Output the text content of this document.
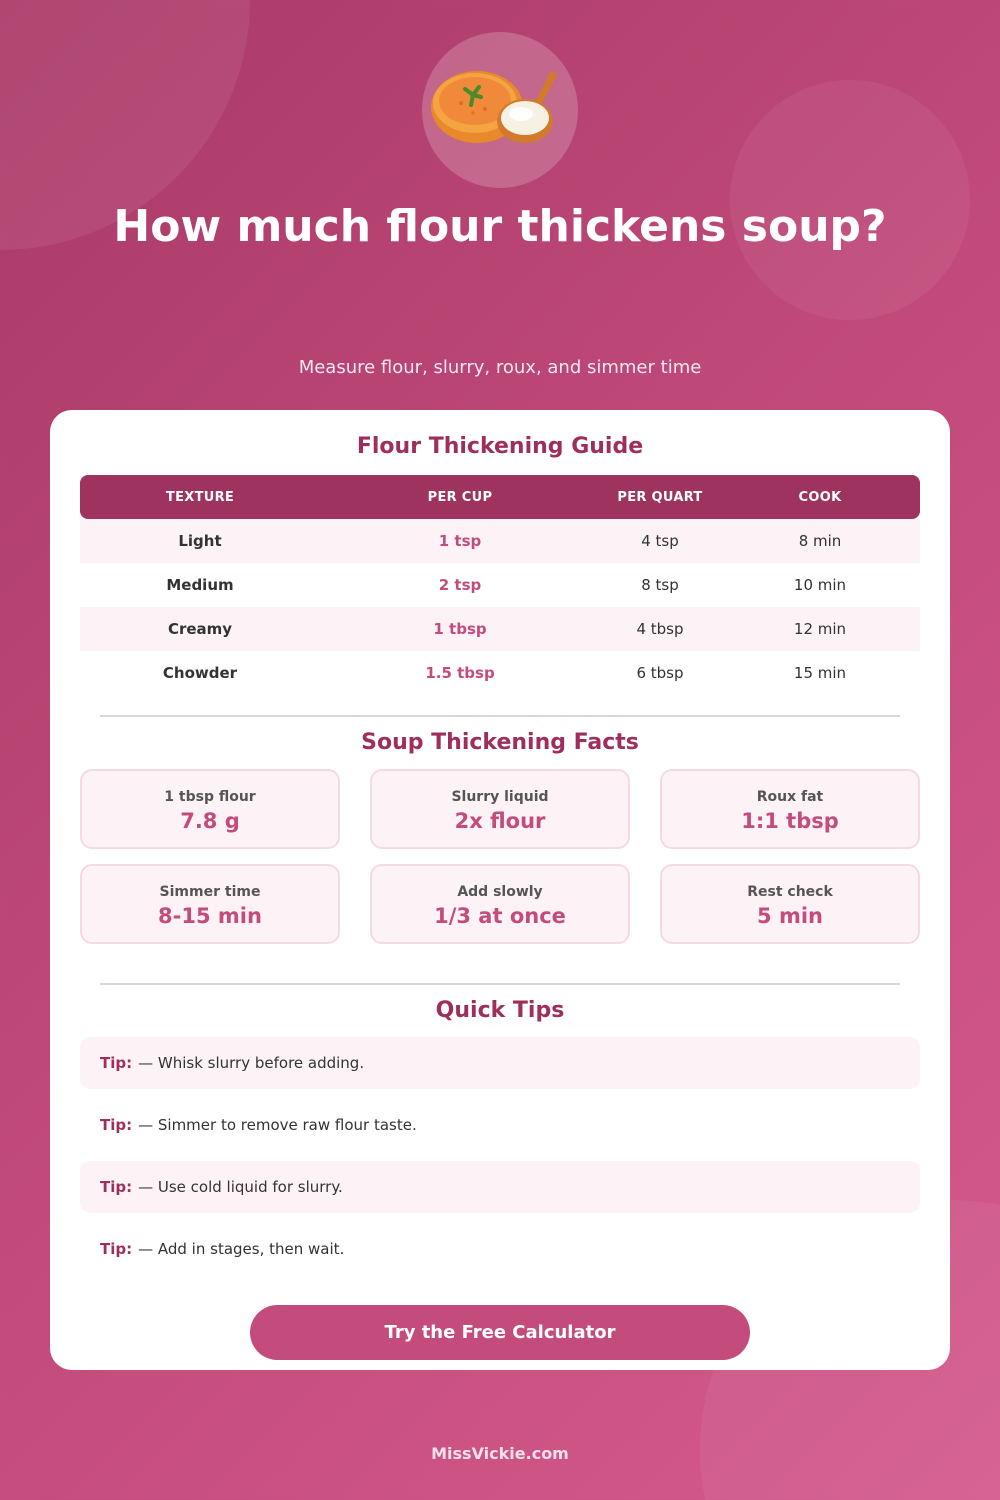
How much flour thickens soup?
Measure flour, slurry, roux, and simmer time
Flour Thickening Guide
TEXTURE	PER CUP	PER QUART	COOK
Light	1 tsp	4 tsp	8 min
Medium	2 tsp	8 tsp	10 min
Creamy	1 tbsp	4 tbsp	12 min
Chowder	1.5 tbsp	6 tbsp	15 min
Soup Thickening Facts
1 tbsp flour
7.8 g
Slurry liquid
2x flour
Roux fat
1:1 tbsp
Simmer time
8-15 min
Add slowly
1/3 at once
Rest check
5 min
Quick Tips
Tip: — Whisk slurry before adding.
Tip: — Simmer to remove raw flour taste.
Tip: — Use cold liquid for slurry.
Tip: — Add in stages, then wait.
Try the Free Calculator
MissVickie.com
